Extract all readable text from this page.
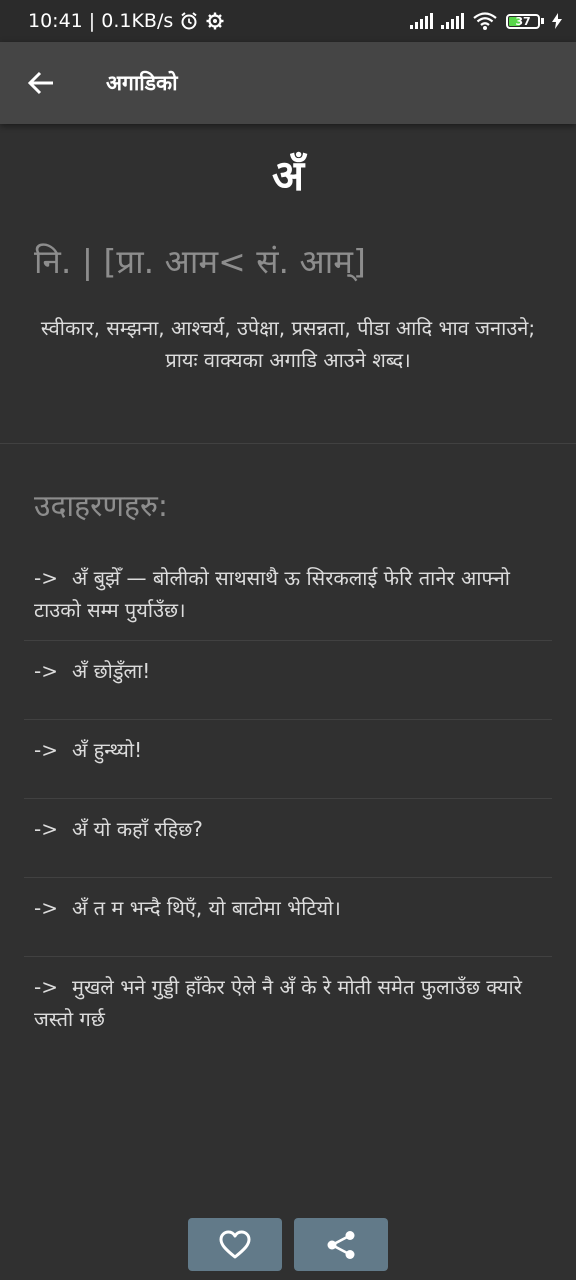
10:41 | 0.1KB/s	37
अगाडिको
अँ
नि. | [प्रा. आम< सं. आम्]
स्वीकार, सम्झना, आश्चर्य, उपेक्षा, प्रसन्नता, पीडा आदि भाव जनाउने; प्रायः वाक्यका अगाडि आउने शब्द।
उदाहरणहरु:
-> अँ बुझेँ — बोलीको साथसाथै ऊ सिरकलाई फेरि तानेर आफ्नो टाउको सम्म पुर्याउँछ।
-> अँ छोडुँला!
-> अँ हुन्थ्यो!
-> अँ यो कहाँ रहिछ?
-> अँ त म भन्दै थिएँ, यो बाटोमा भेटियो।
-> मुखले भने गुड्डी हाँकेर ऐले नै अँ के रे मोती समेत फुलाउँछ क्यारे जस्तो गर्छ
